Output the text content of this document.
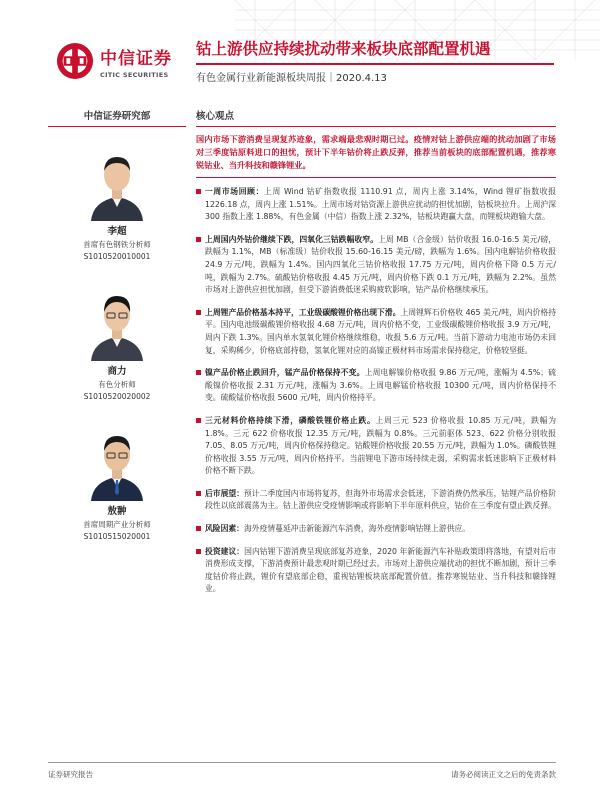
中信证券
CITIC SECURITIES
钴上游供应持续扰动带来板块底部配置机遇
有色金属行业新能源板块周报｜2020.4.13
中信证券研究部
李超
首席有色钢铁分析师
S1010520010001
商力
有色分析师
S1010520020002
敖翀
首席周期产业分析师
S1010515020001
核心观点
国内市场下游消费呈现复苏迹象，需求端最悲观时期已过。疫情对钴上游供应端的扰动加剧了市场对三季度钴原料进口的担忧，预计下半年钴价将止跌反弹，推荐当前板块的底部配置机遇，推荐寒锐钴业、当升科技和赣锋锂业。
一周市场回顾：上周 Wind 钴矿指数收报 1110.91 点，周内上涨 3.14%，Wind 锂矿指数收报 1226.18 点，周内上涨 1.51%。上周市场对钴资源上游供应扰动的担忧加剧，钴板块拉升。上周沪深 300 指数上涨 1.88%，有色金属（中信）指数上涨 2.32%，钴板块跑赢大盘，而锂板块跑输大盘。
上周国内外钴价继续下跌，四氧化三钴跌幅收窄。上周 MB（合金级）钴价收报 16.0-16.5 美元/磅，跌幅为 1.1%，MB（标准级）钴价收报 15.60-16.15 美元/磅，跌幅为 1.6%。国内电解钴价格收报 24.9 万元/吨，跌幅为 1.4%。国内四氧化三钴价格收报 17.75 万元/吨，周内价格下降 0.5 万元/吨，跌幅为 2.7%。硫酸钴价格收报 4.45 万元/吨，周内价格下跌 0.1 万元/吨，跌幅为 2.2%。虽然市场对上游供应担忧加剧，但受下游消费低迷采购疲软影响，钴产品价格继续承压。
上周锂产品价格基本持平，工业级碳酸锂价格出现下滑。上周锂辉石价格收 465 美元/吨，周内价格持平。国内电池级碳酸锂价格收报 4.68 万元/吨，周内价格不变，工业级碳酸锂价格收报 3.9 万元/吨，周内下跌 1.3%。国内单水氢氧化锂价格继续维稳，收报 5.6 万元/吨。当前下游动力电池市场仍未回复，采购稀少，价格底部持稳，氢氧化锂对应的高镍正极材料市场需求保持稳定，价格较坚挺。
镍产品价格止跌回升，锰产品价格保持不变。上周电解镍价格收报 9.86 万元/吨，涨幅为 4.5%；硫酸镍价格收报 2.31 万元/吨，涨幅为 3.6%。上周电解锰价格收报 10300 元/吨，周内价格保持不变。硫酸锰价格收报 5600 元/吨，周内价格持平。
三元材料价格持续下滑，磷酸铁锂价格止跌。上周三元 523 价格收报 10.85 万元/吨，跌幅为 1.8%。三元 622 价格收报 12.35 万元/吨，跌幅为 0.8%。三元前驱体 523、622 价格分别收报 7.05、8.05 万元/吨，周内价格保持稳定。钴酸锂价格收报 20.55 万元/吨，跌幅为 1.0%。磷酸铁锂价格收报 3.55 万元/吨，周内价格持平。当前锂电下游市场持续走弱，采购需求低迷影响下正极材料价格不断下跌。
后市展望：预计二季度国内市场将复苏，但海外市场需求会低迷，下游消费仍然承压，钴锂产品价格阶段性以底部震荡为主。钴上游供应受疫情影响或将影响下半年原料供应，钴价在三季度有望止跌反弹。
风险因素：海外疫情蔓延冲击新能源汽车消费，海外疫情影响钴锂上游供应。
投资建议：国内钴锂下游消费呈现底部复苏迹象，2020 年新能源汽车补贴政策即将落地，有望对后市消费形成支撑，下游消费预计最悲观时期已经过去。市场对上游供应端扰动的担忧不断加剧，预计三季度钴价将止跌，锂价有望底部企稳，重视钴锂板块底部配置价值。推荐寒锐钴业、当升科技和赣锋锂业。
证券研究报告	请务必阅读正文之后的免责条款
